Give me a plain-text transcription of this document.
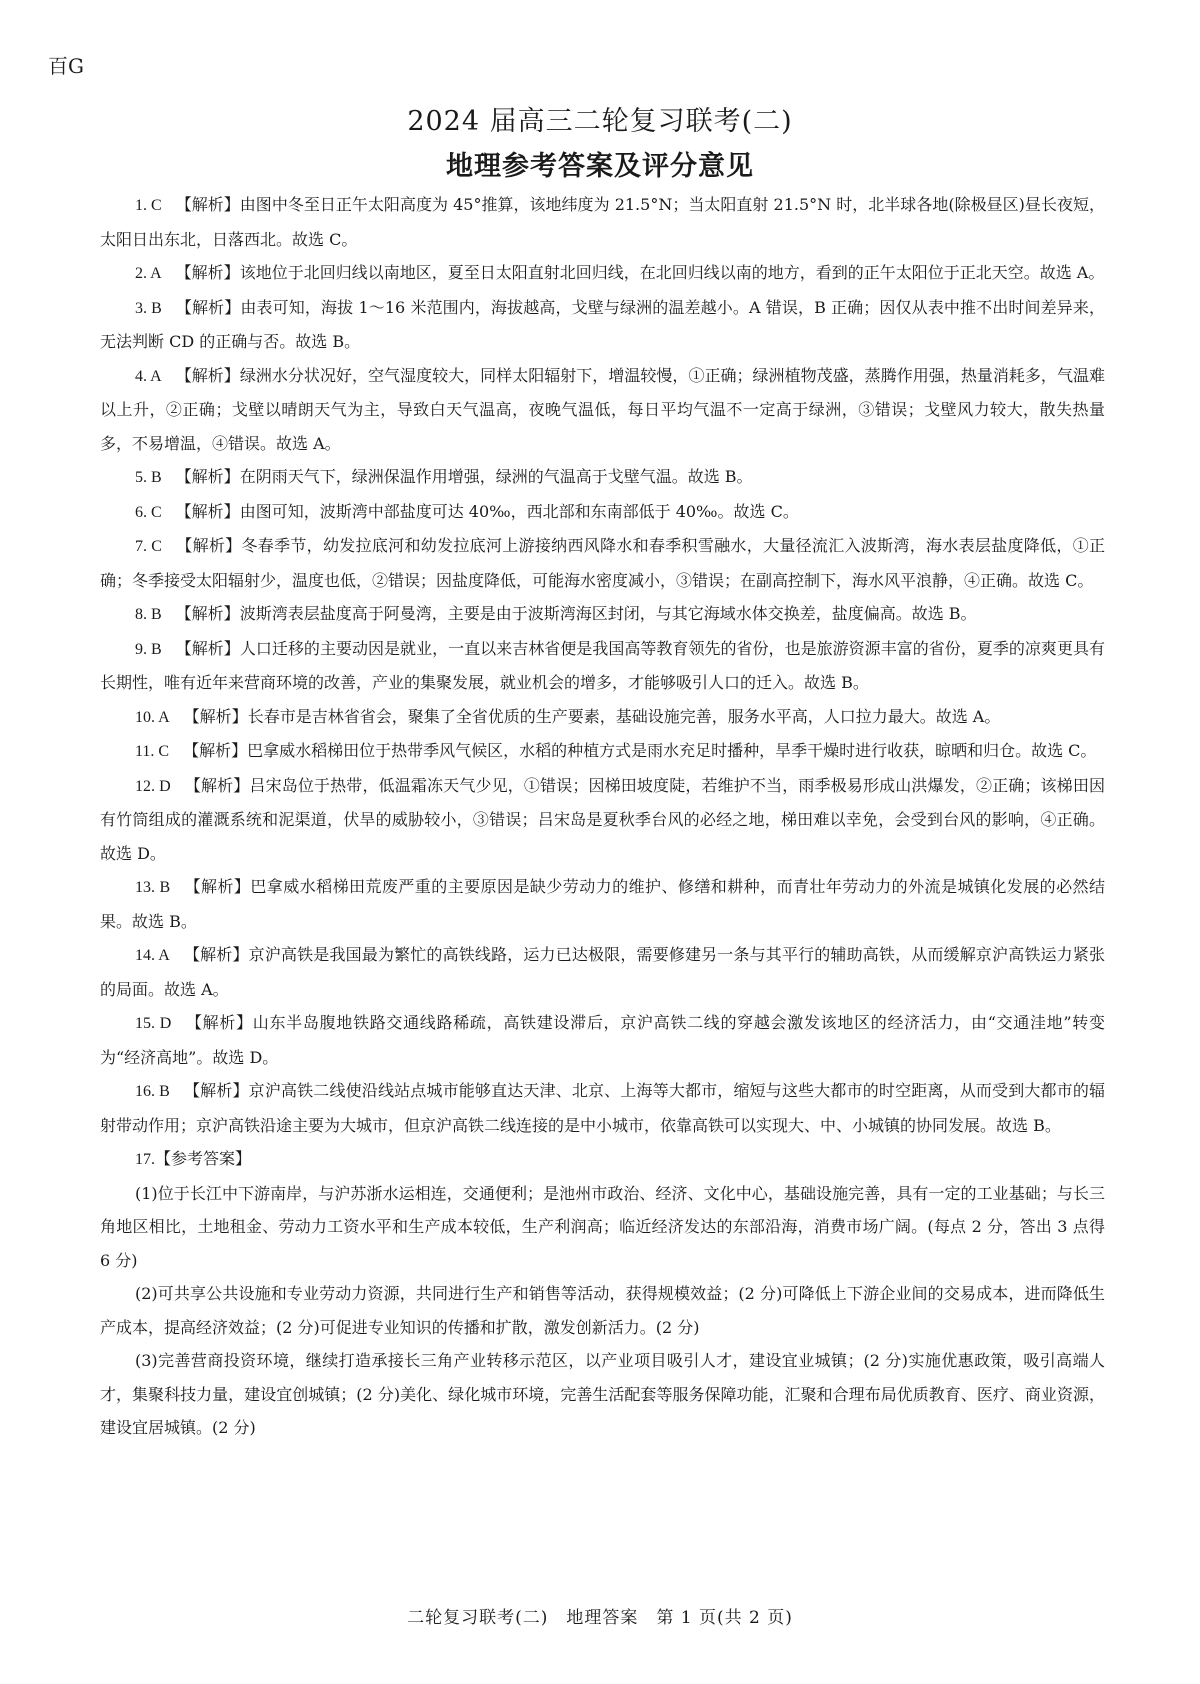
百G
2024 届高三二轮复习联考(二)
地理参考答案及评分意见

1. C 【解析】由图中冬至日正午太阳高度为 45°推算，该地纬度为 21.5°N；当太阳直射 21.5°N 时，北半球各地(除极昼区)昼长夜短，太阳日出东北，日落西北。故选 C。

2. A 【解析】该地位于北回归线以南地区，夏至日太阳直射北回归线，在北回归线以南的地方，看到的正午太阳位于正北天空。故选 A。

3. B 【解析】由表可知，海拔 1～16 米范围内，海拔越高，戈壁与绿洲的温差越小。A 错误，B 正确；因仅从表中推不出时间差异来，无法判断 CD 的正确与否。故选 B。

4. A 【解析】绿洲水分状况好，空气湿度较大，同样太阳辐射下，增温较慢，①正确；绿洲植物茂盛，蒸腾作用强，热量消耗多，气温难以上升，②正确；戈壁以晴朗天气为主，导致白天气温高，夜晚气温低，每日平均气温不一定高于绿洲，③错误；戈壁风力较大，散失热量多，不易增温，④错误。故选 A。

5. B 【解析】在阴雨天气下，绿洲保温作用增强，绿洲的气温高于戈壁气温。故选 B。

6. C 【解析】由图可知，波斯湾中部盐度可达 40‰，西北部和东南部低于 40‰。故选 C。

7. C 【解析】冬春季节，幼发拉底河和幼发拉底河上游接纳西风降水和春季积雪融水，大量径流汇入波斯湾，海水表层盐度降低，①正确；冬季接受太阳辐射少，温度也低，②错误；因盐度降低，可能海水密度减小，③错误；在副高控制下，海水风平浪静，④正确。故选 C。

8. B 【解析】波斯湾表层盐度高于阿曼湾，主要是由于波斯湾海区封闭，与其它海域水体交换差，盐度偏高。故选 B。

9. B 【解析】人口迁移的主要动因是就业，一直以来吉林省便是我国高等教育领先的省份，也是旅游资源丰富的省份，夏季的凉爽更具有长期性，唯有近年来营商环境的改善，产业的集聚发展，就业机会的增多，才能够吸引人口的迁入。故选 B。

10. A 【解析】长春市是吉林省省会，聚集了全省优质的生产要素，基础设施完善，服务水平高，人口拉力最大。故选 A。

11. C 【解析】巴拿威水稻梯田位于热带季风气候区，水稻的种植方式是雨水充足时播种，旱季干燥时进行收获，晾晒和归仓。故选 C。

12. D 【解析】吕宋岛位于热带，低温霜冻天气少见，①错误；因梯田坡度陡，若维护不当，雨季极易形成山洪爆发，②正确；该梯田因有竹筒组成的灌溉系统和泥渠道，伏旱的威胁较小，③错误；吕宋岛是夏秋季台风的必经之地，梯田难以幸免，会受到台风的影响，④正确。故选 D。

13. B 【解析】巴拿威水稻梯田荒废严重的主要原因是缺少劳动力的维护、修缮和耕种，而青壮年劳动力的外流是城镇化发展的必然结果。故选 B。

14. A 【解析】京沪高铁是我国最为繁忙的高铁线路，运力已达极限，需要修建另一条与其平行的辅助高铁，从而缓解京沪高铁运力紧张的局面。故选 A。

15. D 【解析】山东半岛腹地铁路交通线路稀疏，高铁建设滞后，京沪高铁二线的穿越会激发该地区的经济活力，由“交通洼地”转变为“经济高地”。故选 D。

16. B 【解析】京沪高铁二线使沿线站点城市能够直达天津、北京、上海等大都市，缩短与这些大都市的时空距离，从而受到大都市的辐射带动作用；京沪高铁沿途主要为大城市，但京沪高铁二线连接的是中小城市，依靠高铁可以实现大、中、小城镇的协同发展。故选 B。

17.【参考答案】

(1)位于长江中下游南岸，与沪苏浙水运相连，交通便利；是池州市政治、经济、文化中心，基础设施完善，具有一定的工业基础；与长三角地区相比，土地租金、劳动力工资水平和生产成本较低，生产利润高；临近经济发达的东部沿海，消费市场广阔。(每点 2 分，答出 3 点得 6 分)

(2)可共享公共设施和专业劳动力资源，共同进行生产和销售等活动，获得规模效益；(2 分)可降低上下游企业间的交易成本，进而降低生产成本，提高经济效益；(2 分)可促进专业知识的传播和扩散，激发创新活力。(2 分)

(3)完善营商投资环境，继续打造承接长三角产业转移示范区，以产业项目吸引人才，建设宜业城镇；(2 分)实施优惠政策，吸引高端人才，集聚科技力量，建设宜创城镇；(2 分)美化、绿化城市环境，完善生活配套等服务保障功能，汇聚和合理布局优质教育、医疗、商业资源，建设宜居城镇。(2 分)

二轮复习联考(二)　地理答案　第 1 页(共 2 页)
